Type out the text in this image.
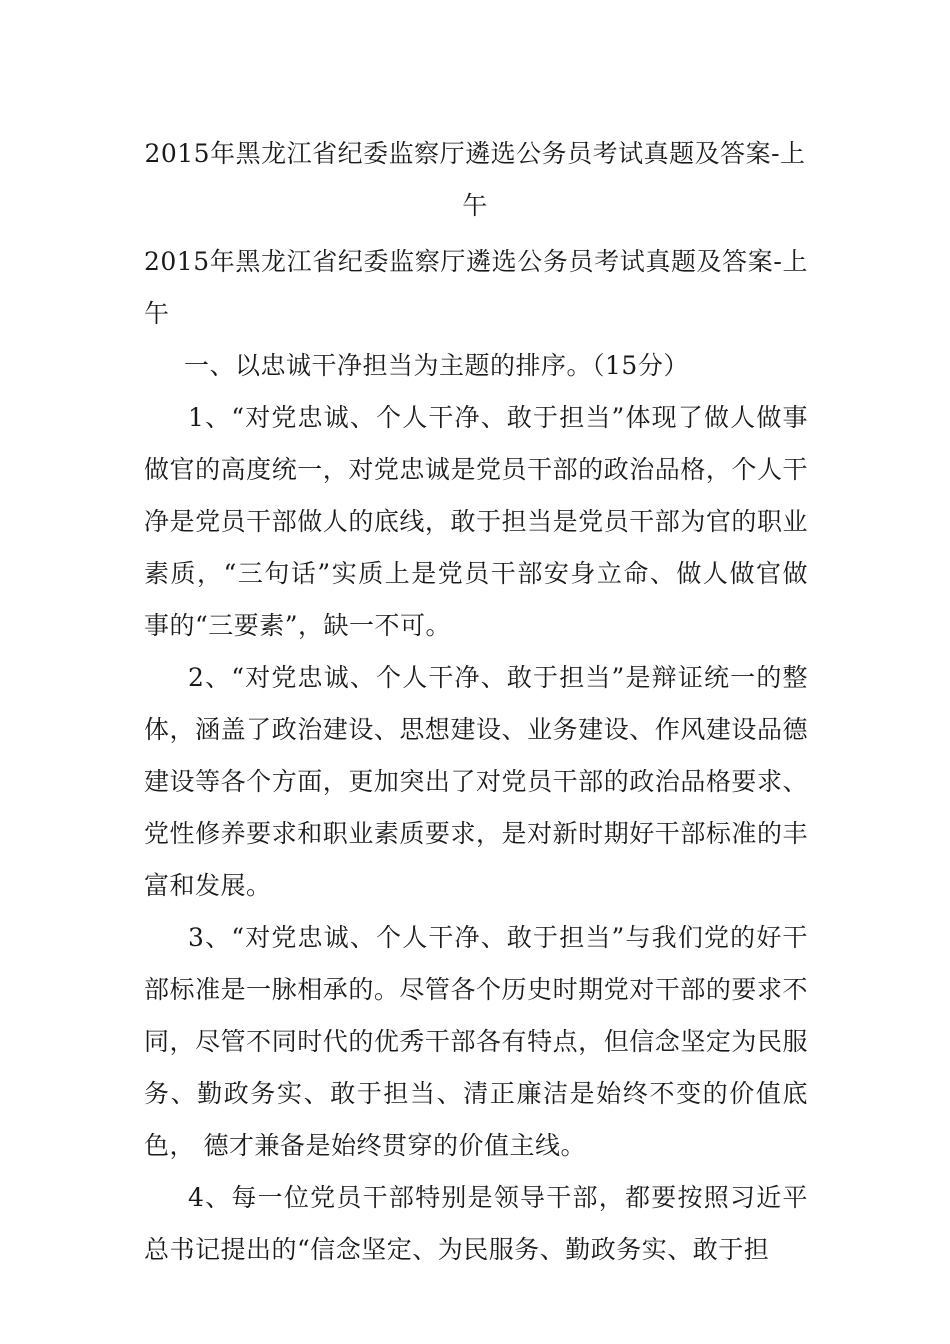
2015年黑龙江省纪委监察厅遴选公务员考试真题及答案-上午

2015年黑龙江省纪委监察厅遴选公务员考试真题及答案-上午

一、以忠诚干净担当为主题的排序。（15分）

1、“对党忠诚、个人干净、敢于担当”体现了做人做事做官的高度统一，对党忠诚是党员干部的政治品格，个人干净是党员干部做人的底线，敢于担当是党员干部为官的职业素质，“三句话”实质上是党员干部安身立命、做人做官做事的“三要素”，缺一不可。

2、“对党忠诚、个人干净、敢于担当”是辩证统一的整体，涵盖了政治建设、思想建设、业务建设、作风建设品德建设等各个方面，更加突出了对党员干部的政治品格要求、党性修养要求和职业素质要求，是对新时期好干部标准的丰富和发展。

3、“对党忠诚、个人干净、敢于担当”与我们党的好干部标准是一脉相承的。尽管各个历史时期党对干部的要求不同，尽管不同时代的优秀干部各有特点，但信念坚定为民服务、勤政务实、敢于担当、清正廉洁是始终不变的价值底色， 德才兼备是始终贯穿的价值主线。

4、每一位党员干部特别是领导干部，都要按照习近平总书记提出的“信念坚定、为民服务、勤政务实、敢于担
